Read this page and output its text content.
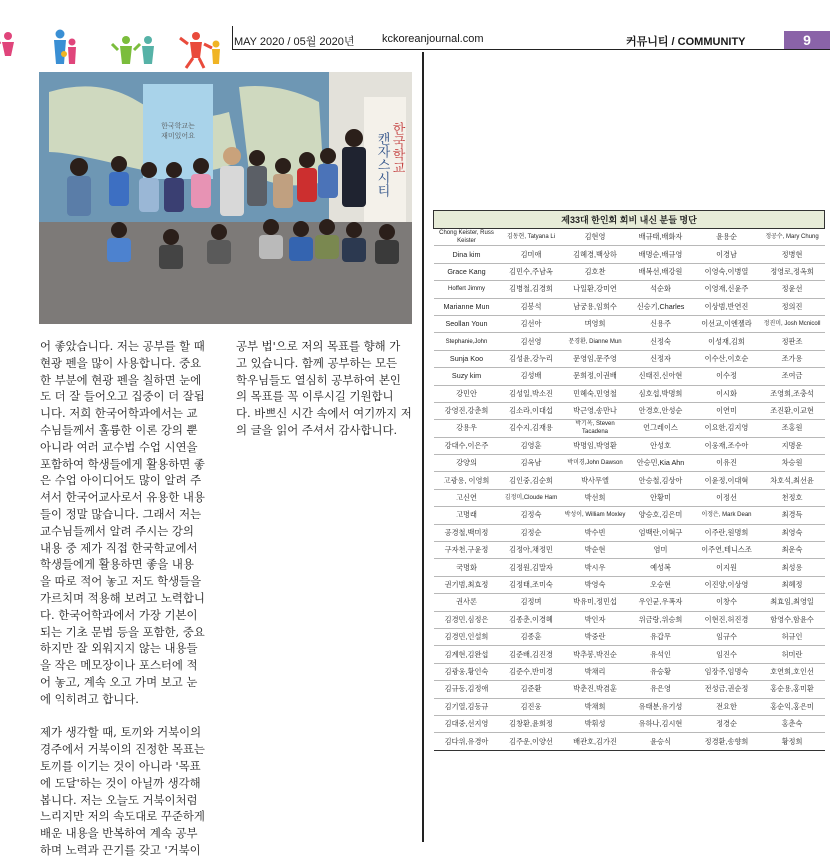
MAY 2020 / 05월 2020년 kckoreanjournal.com	커뮤니티 / COMMUNITY	9
한국학교는
재미있어요	캔자스시티 한국학교
어 좋았습니다. 저는 공부를 할 때
현광 펜을 많이 사용합니다. 중요
한 부분에 현광 펜을 칠하면 눈에
도 더 잘 들어오고 집중이 더 잘됩
니다. 저희 한국어학과에서는 교
수님들께서 훌륭한 이론 강의 뿐
아니라 여러 교수법 수업 시연을
포함하여 학생들에게 활용하면 좋
은 수업 아이디어도 많이 알려 주
셔서 한국어교사로서 유용한 내용
들이 정말 많습니다. 그래서 저는
교수님들께서 알려 주시는 강의
내용 중 제가 직접 한국학교에서
학생들에게 활용하면 좋을 내용
을 따로 적어 놓고 저도 학생들을
가르치며 적용해 보려고 노력합니
다. 한국어학과에서 가장 기본이
되는 기초 문법 등을 포함한, 중요
하지만 잘 외워지지 않는 내용들
을 작은 메모장이나 포스터에 적
어 놓고, 계속 오고 가며 보고 눈
에 익히려고 합니다.

제가 생각할 때, 토끼와 거북이의
경주에서 거북이의 진정한 목표는
토끼를 이기는 것이 아니라 '목표
에 도달'하는 것이 아닐까 생각해
봅니다. 저는 오늘도 거북이처럼
느리지만 저의 속도대로 꾸준하게
배운 내용을 반복하여 계속 공부
하며 노력과 끈기를 갖고 '거북이
공부 법'으로 저의 목표를 향해 가
고 있습니다. 함께 공부하는 모든
학우님들도 열심히 공부하여 본인
의 목표를 꼭 이루시길 기원합니
다. 바쁘신 시간 속에서 여기까지 저
의 글을 읽어 주셔서 감사합니다.
제33대 한인회 회비 내신 분들 명단					
Chong Keister, Russ Keister	김동현, Tatyana Li	김현영	배규태,배화자	윤용순	정공수, Mary Chung
Dina kim	김미애	김혜경,백상하	배명순,배규영	이경남	정병현
Grace Kang	김민수,주남옥	김호찬	배복선,배강원	이영숙,이병열	정영로,정옥희
Hoffert Jimmy	김병철,김경희	나일환,강미연	석순화	이영재,신윤주	정윤선
Marianne Mun	김봉석	남궁용,임희수	신승기,Charles	이상범,반연진	정의진
Seollan Youn	김선아	며영희	신용주	이선교,이엔젤라	정진미, Josh Mcnicoll
Stephanie,John	김선영	문경환, Dianne Mun	신정숙	이성재,김희	정판조
Sunja Koo	김성윤,강누리	문영임,문주영	신정자	이수산,이호순	조가용
Suzy kim	김성배	문희정,이권배	신태진,신아현	이수정	조여금
강민안	김성일,박소진	민혜숙,민영철	심호섭,박명희	이시화	조영희,조충석
강영진,강춘희	김소라,이대섭	박근영,송만나	안경호,안성순	이연미	조진환,이교현
강용우	김수지,김재용	박기옥, Steven Tacadena	언그레이스	이요한,김지영	조홍원
강대수,이은주	김영훈	박명임,박영환	안성호	이웅재,조수아	지명운
강양의	김옥남	박미경,John Dawson	안승민,Kia Ahn	이유진	차승원
고광용, 이영희	김인중,김순희	박사무엘	안승철,김상아	이윤정,이대혁	차호석,최선윤
고신연	김정미,Cloude Ham	박선희	안황미	이정선	천정호
고명래	김정숙	박성이, William Moxley	양승호,김은미	이정은, Mark Dean	최경득
공경철,백미정	김정순	박수빈	엄백란,이혁구	이주란,원명희	최영숙
구자천,구윤정	김정아,채정민	박순현	염미	이주연,테니스조	최운숙
국명화	김정원,김말자	박시우	예성복	이지원	최성용
권기범,최효정	김정태,조미숙	박영숙	오승현	이진양,이상영	최혜정
권사론	김정며	박유미,정민섭	우인균,우폭자	이창수	최효임,최영일
김경민,심정은	김종춘,이경혜	박인자	위금랑,위승희	이현진,허진경	함영수,함윤수
김경민,인설희	김종훈	박중란	유갑무	임규수	허규인
김계현,김완섭	김준배,김진경	박추봉,박진순	유석인	임진수	허미란
김광웅,황인숙	김준수,반미경	박채리	유승황	임장주,임명숙	호연희,호인선
김규동,김정애	김준환	박춘진,박겸훈	유은영	전성금,권순정	홍순용,홍미환
김기열,김동규	김진웅	박채희	유태분,유기성	전요한	홍순익,홍은미
김대중,선지영	김창환,윤희정	박휘성	유하나,김시현	정경순	홍춘숙
김다위,유경아	김주운,이양선	배관호,김가진	윤승식	정경환,송향희	황정희
